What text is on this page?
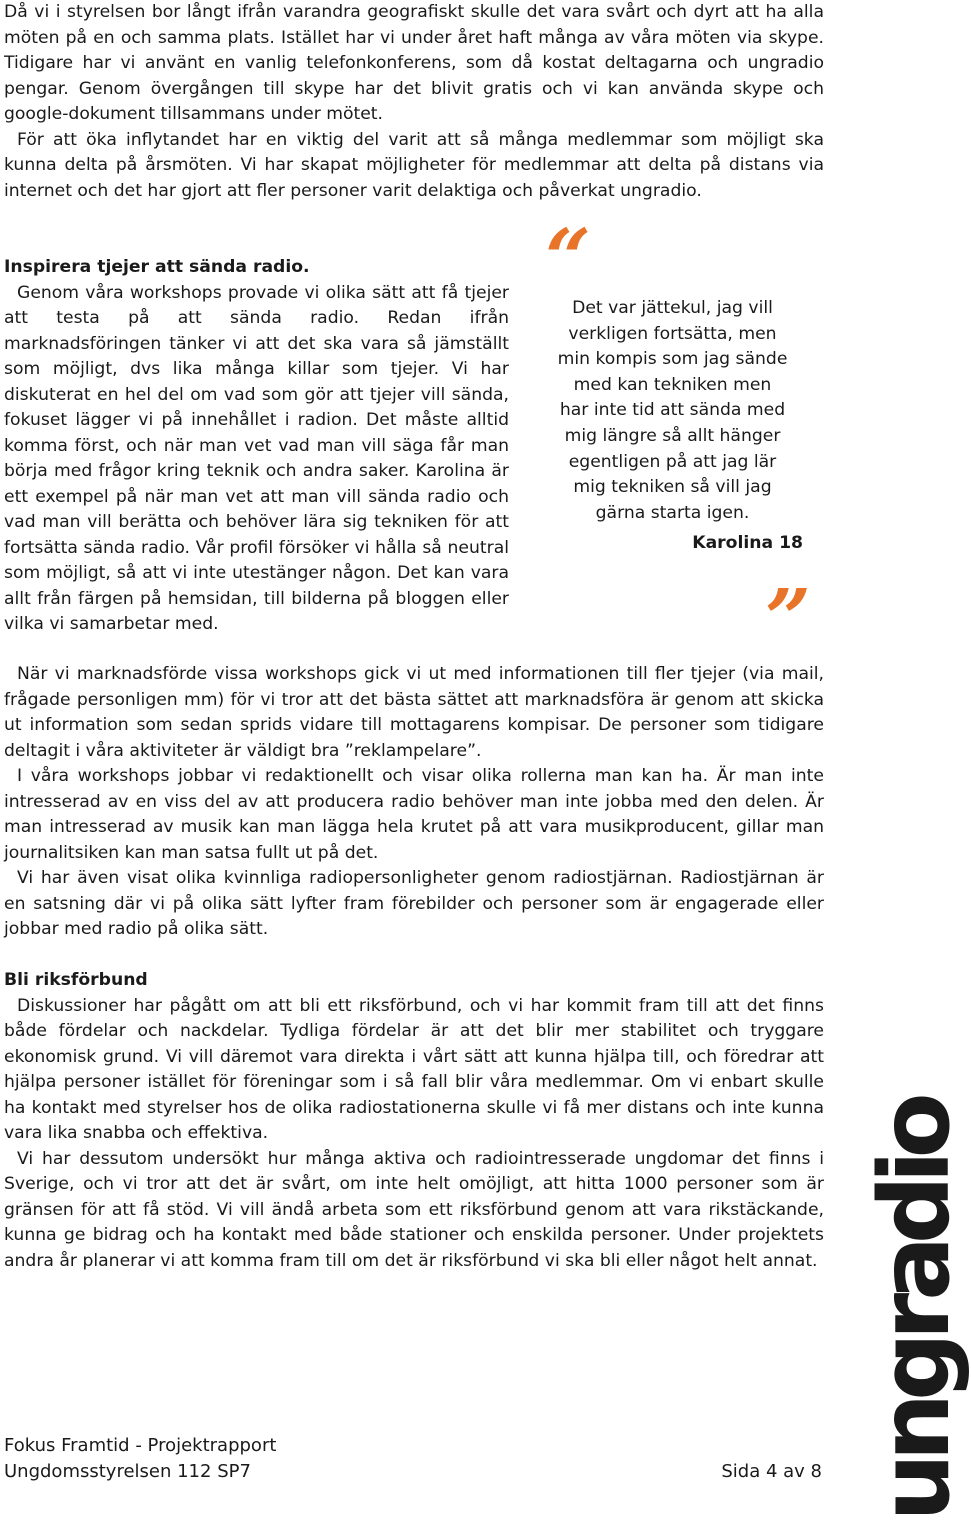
Då vi i styrelsen bor långt ifrån varandra geografiskt skulle det vara svårt och dyrt att ha alla möten på en och samma plats. Istället har vi under året haft många av våra möten via skype. Tidigare har vi använt en vanlig telefonkonferens, som då kostat deltagarna och ungradio pengar. Genom övergången till skype har det blivit gratis och vi kan använda skype och google-dokument tillsammans under mötet.

För att öka inflytandet har en viktig del varit att så många medlemmar som möjligt ska kunna delta på årsmöten. Vi har skapat möjligheter för medlemmar att delta på distans via internet och det har gjort att fler personer varit delaktiga och påverkat ungradio.

Inspirera tjejer att sända radio.

Genom våra workshops provade vi olika sätt att få tjejer att testa på att sända radio. Redan ifrån marknadsföringen tänker vi att det ska vara så jämställt som möjligt, dvs lika många killar som tjejer. Vi har diskuterat en hel del om vad som gör att tjejer vill sända, fokuset lägger vi på innehållet i radion. Det måste alltid komma först, och när man vet vad man vill säga får man börja med frågor kring teknik och andra saker. Karolina är ett exempel på när man vet att man vill sända radio och vad man vill berätta och behöver lära sig tekniken för att fortsätta sända radio. Vår profil försöker vi hålla så neutral som möjligt, så att vi inte utestänger någon. Det kan vara allt från färgen på hemsidan, till bilderna på bloggen eller vilka vi samarbetar med.

“
Det var jättekul, jag vill
verkligen fortsätta, men
min kompis som jag sände
med kan tekniken men
har inte tid att sända med
mig längre så allt hänger
egentligen på att jag lär
mig tekniken så vill jag
gärna starta igen.
Karolina 18
”

När vi marknadsförde vissa workshops gick vi ut med informationen till fler tjejer (via mail, frågade personligen mm) för vi tror att det bästa sättet att marknadsföra är genom att skicka ut information som sedan sprids vidare till mottagarens kompisar. De personer som tidigare deltagit i våra aktiviteter är väldigt bra ”reklampelare”.

I våra workshops jobbar vi redaktionellt och visar olika rollerna man kan ha. Är man inte intresserad av en viss del av att producera radio behöver man inte jobba med den delen. Är man intresserad av musik kan man lägga hela krutet på att vara musikproducent, gillar man journalitsiken kan man satsa fullt ut på det.

Vi har även visat olika kvinnliga radiopersonligheter genom radiostjärnan. Radiostjärnan är en satsning där vi på olika sätt lyfter fram förebilder och personer som är engagerade eller jobbar med radio på olika sätt.

Bli riksförbund

Diskussioner har pågått om att bli ett riksförbund, och vi har kommit fram till att det finns både fördelar och nackdelar. Tydliga fördelar är att det blir mer stabilitet och tryggare ekonomisk grund. Vi vill däremot vara direkta i vårt sätt att kunna hjälpa till, och föredrar att hjälpa personer istället för föreningar som i så fall blir våra medlemmar. Om vi enbart skulle ha kontakt med styrelser hos de olika radiostationerna skulle vi få mer distans och inte kunna vara lika snabba och effektiva.

Vi har dessutom undersökt hur många aktiva och radiointresserade ungdomar det finns i Sverige, och vi tror att det är svårt, om inte helt omöjligt, att hitta 1000 personer som är gränsen för att få stöd. Vi vill ändå arbeta som ett riksförbund genom att vara rikstäckande, kunna ge bidrag och ha kontakt med både stationer och enskilda personer. Under projektets andra år planerar vi att komma fram till om det är riksförbund vi ska bli eller något helt annat.

Fokus Framtid - Projektrapport
Ungdomsstyrelsen 112 SP7	Sida 4 av 8 ungradio
